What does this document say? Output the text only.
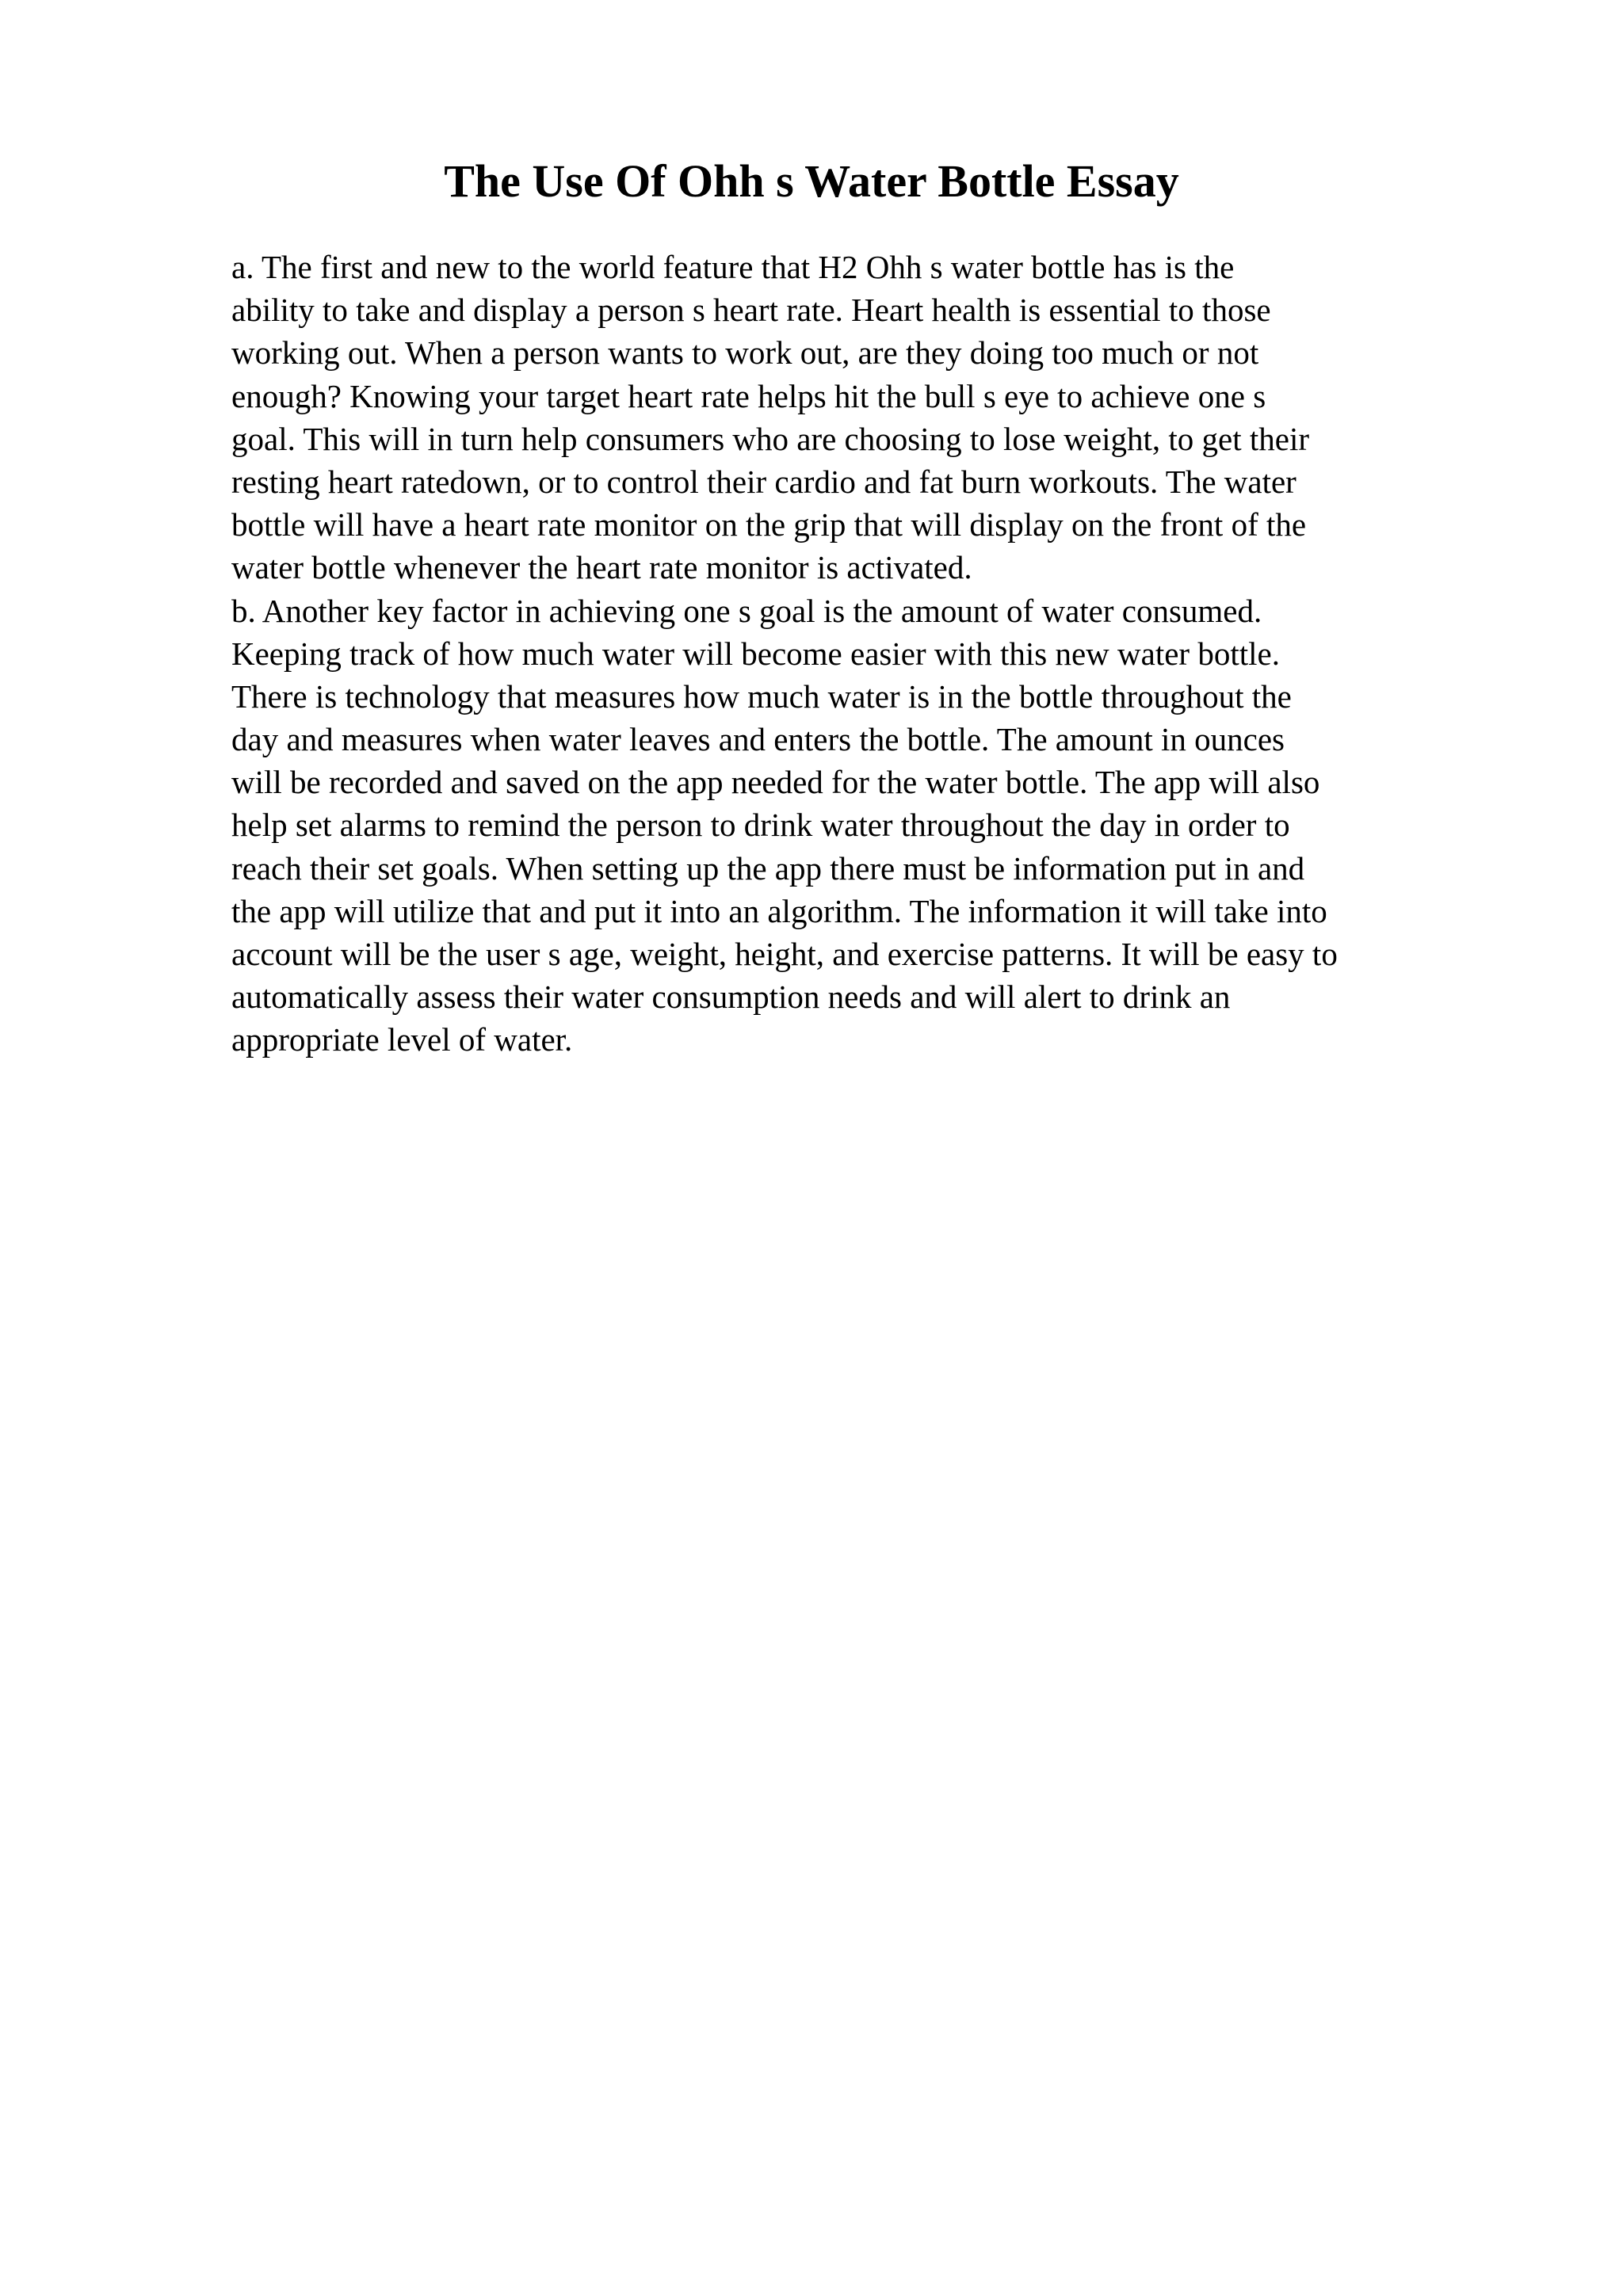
The Use Of Ohh s Water Bottle Essay
a. The first and new to the world feature that H2 Ohh s water bottle has is the
ability to take and display a person s heart rate. Heart health is essential to those
working out. When a person wants to work out, are they doing too much or not
enough? Knowing your target heart rate helps hit the bull s eye to achieve one s
goal. This will in turn help consumers who are choosing to lose weight, to get their
resting heart ratedown, or to control their cardio and fat burn workouts. The water
bottle will have a heart rate monitor on the grip that will display on the front of the
water bottle whenever the heart rate monitor is activated.
b. Another key factor in achieving one s goal is the amount of water consumed.
Keeping track of how much water will become easier with this new water bottle.
There is technology that measures how much water is in the bottle throughout the
day and measures when water leaves and enters the bottle. The amount in ounces
will be recorded and saved on the app needed for the water bottle. The app will also
help set alarms to remind the person to drink water throughout the day in order to
reach their set goals. When setting up the app there must be information put in and
the app will utilize that and put it into an algorithm. The information it will take into
account will be the user s age, weight, height, and exercise patterns. It will be easy to
automatically assess their water consumption needs and will alert to drink an
appropriate level of water.
